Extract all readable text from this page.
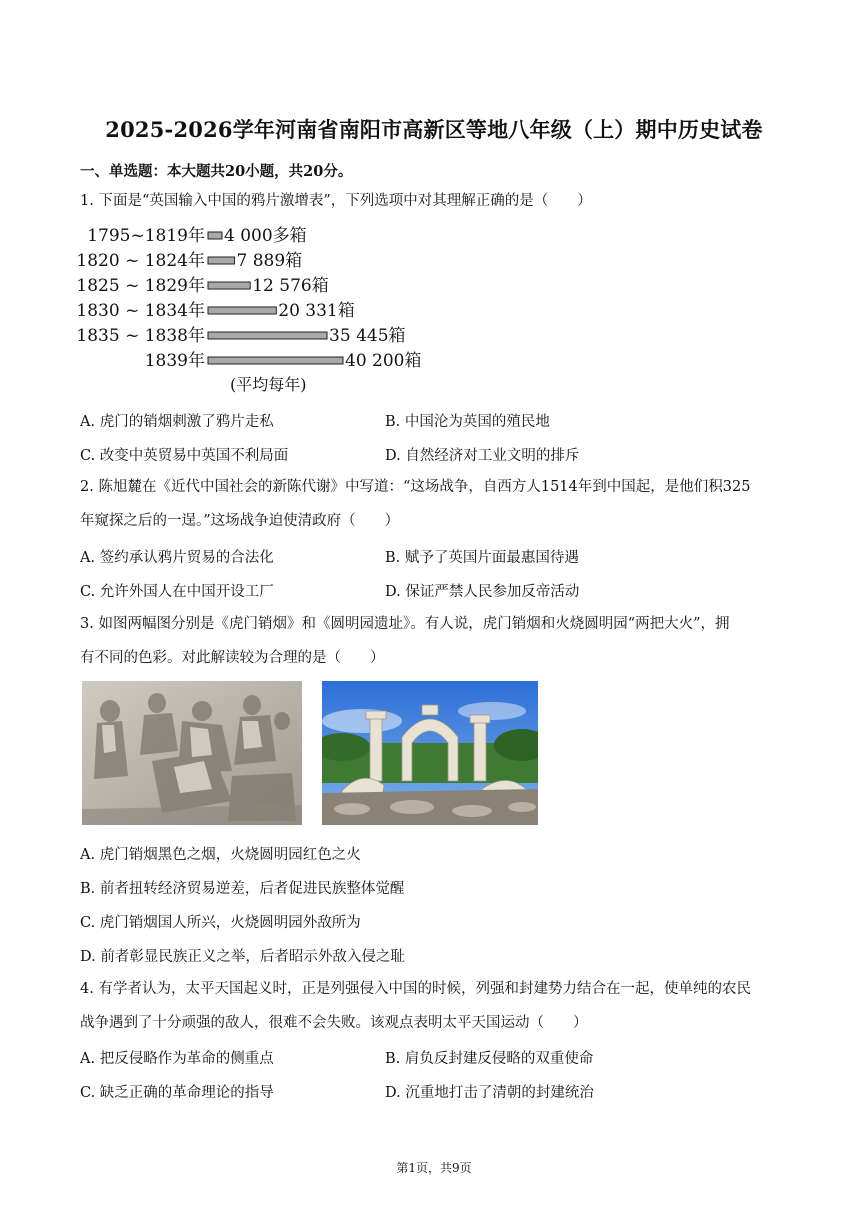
2025-2026学年河南省南阳市高新区等地八年级（上）期中历史试卷
一、单选题：本大题共20小题，共20分。
1. 下面是“英国输入中国的鸦片激增表”，下列选项中对其理解正确的是（　　）
1795~1819年 4 000多箱
1820 ~ 1824年 7 889箱
1825 ~ 1829年	12 576箱
1830 ~ 1834年	20 331箱
1835 ~ 1838年	35 445箱
1839年	40 200箱
(平均每年)
A. 虎门的销烟刺激了鸦片走私	B. 中国沦为英国的殖民地
C. 改变中英贸易中英国不利局面	D. 自然经济对工业文明的排斥
2. 陈旭麓在《近代中国社会的新陈代谢》中写道：“这场战争，自西方人1514年到中国起，是他们积325
年窥探之后的一逞。”这场战争迫使清政府（　　）
A. 签约承认鸦片贸易的合法化	B. 赋予了英国片面最惠国待遇
C. 允许外国人在中国开设工厂	D. 保证严禁人民参加反帝活动
3. 如图两幅图分别是《虎门销烟》和《圆明园遗址》。有人说，虎门销烟和火烧圆明园“两把大火”，拥
有不同的色彩。对此解读较为合理的是（　　）
A. 虎门销烟黑色之烟，火烧圆明园红色之火
B. 前者扭转经济贸易逆差，后者促进民族整体觉醒
C. 虎门销烟国人所兴，火烧圆明园外敌所为
D. 前者彰显民族正义之举，后者昭示外敌入侵之耻
4. 有学者认为，太平天国起义时，正是列强侵入中国的时候，列强和封建势力结合在一起，使单纯的农民
战争遇到了十分顽强的敌人，很难不会失败。该观点表明太平天国运动（　　）
A. 把反侵略作为革命的侧重点	B. 肩负反封建反侵略的双重使命
C. 缺乏正确的革命理论的指导	D. 沉重地打击了清朝的封建统治
第1页，共9页
